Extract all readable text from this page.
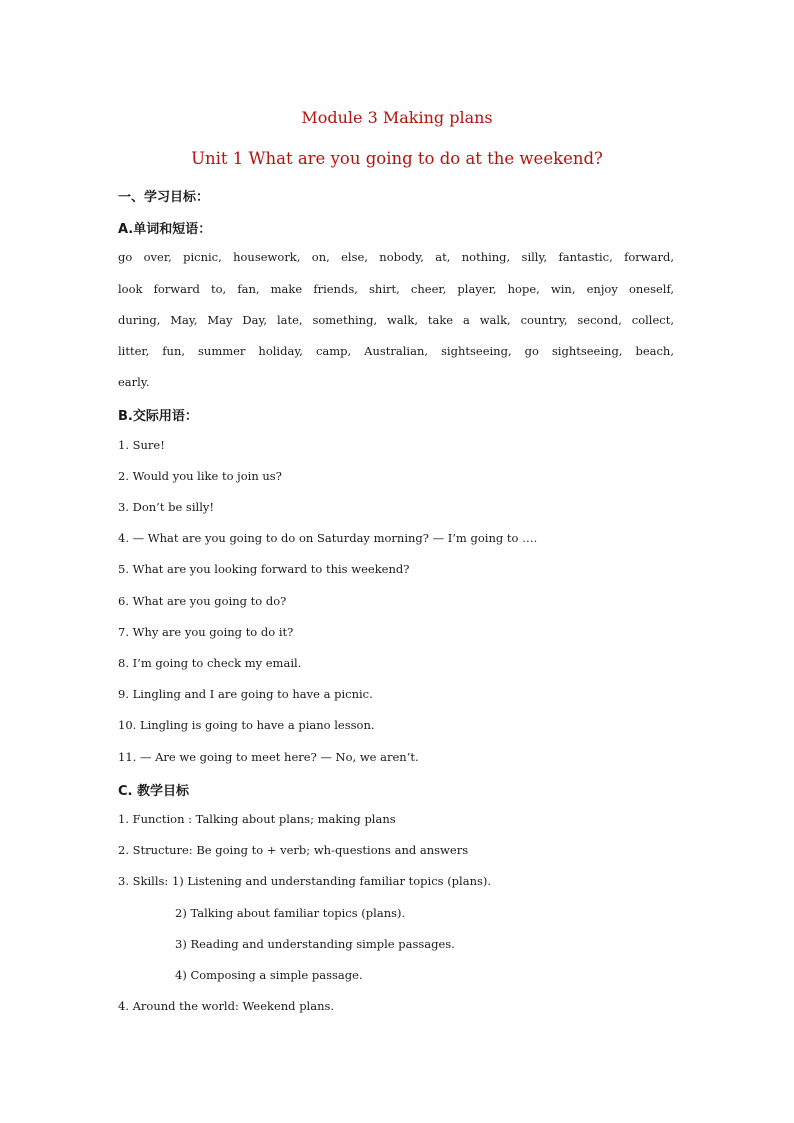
Module 3 Making plans
Unit 1 What are you going to do at the weekend?
一、学习目标：
A.单词和短语：
go over, picnic, housework, on, else, nobody, at, nothing, silly, fantastic, forward,
look forward to, fan, make friends, shirt, cheer, player, hope, win, enjoy oneself,
during, May, May Day, late, something, walk, take a walk, country, second, collect,
litter, fun, summer holiday, camp, Australian, sightseeing, go sightseeing, beach,
early.
B.交际用语：
1. Sure!
2. Would you like to join us?
3. Don’t be silly!
4. — What are you going to do on Saturday morning? — I’m going to ….
5. What are you looking forward to this weekend?
6. What are you going to do?
7. Why are you going to do it?
8. I’m going to check my email.
9. Lingling and I are going to have a picnic.
10. Lingling is going to have a piano lesson.
11. — Are we going to meet here? — No, we aren’t.
C. 教学目标
1. Function : Talking about plans; making plans
2. Structure: Be going to + verb; wh-questions and answers
3. Skills: 1) Listening and understanding familiar topics (plans).
2) Talking about familiar topics (plans).
3) Reading and understanding simple passages.
4) Composing a simple passage.
4. Around the world: Weekend plans.
